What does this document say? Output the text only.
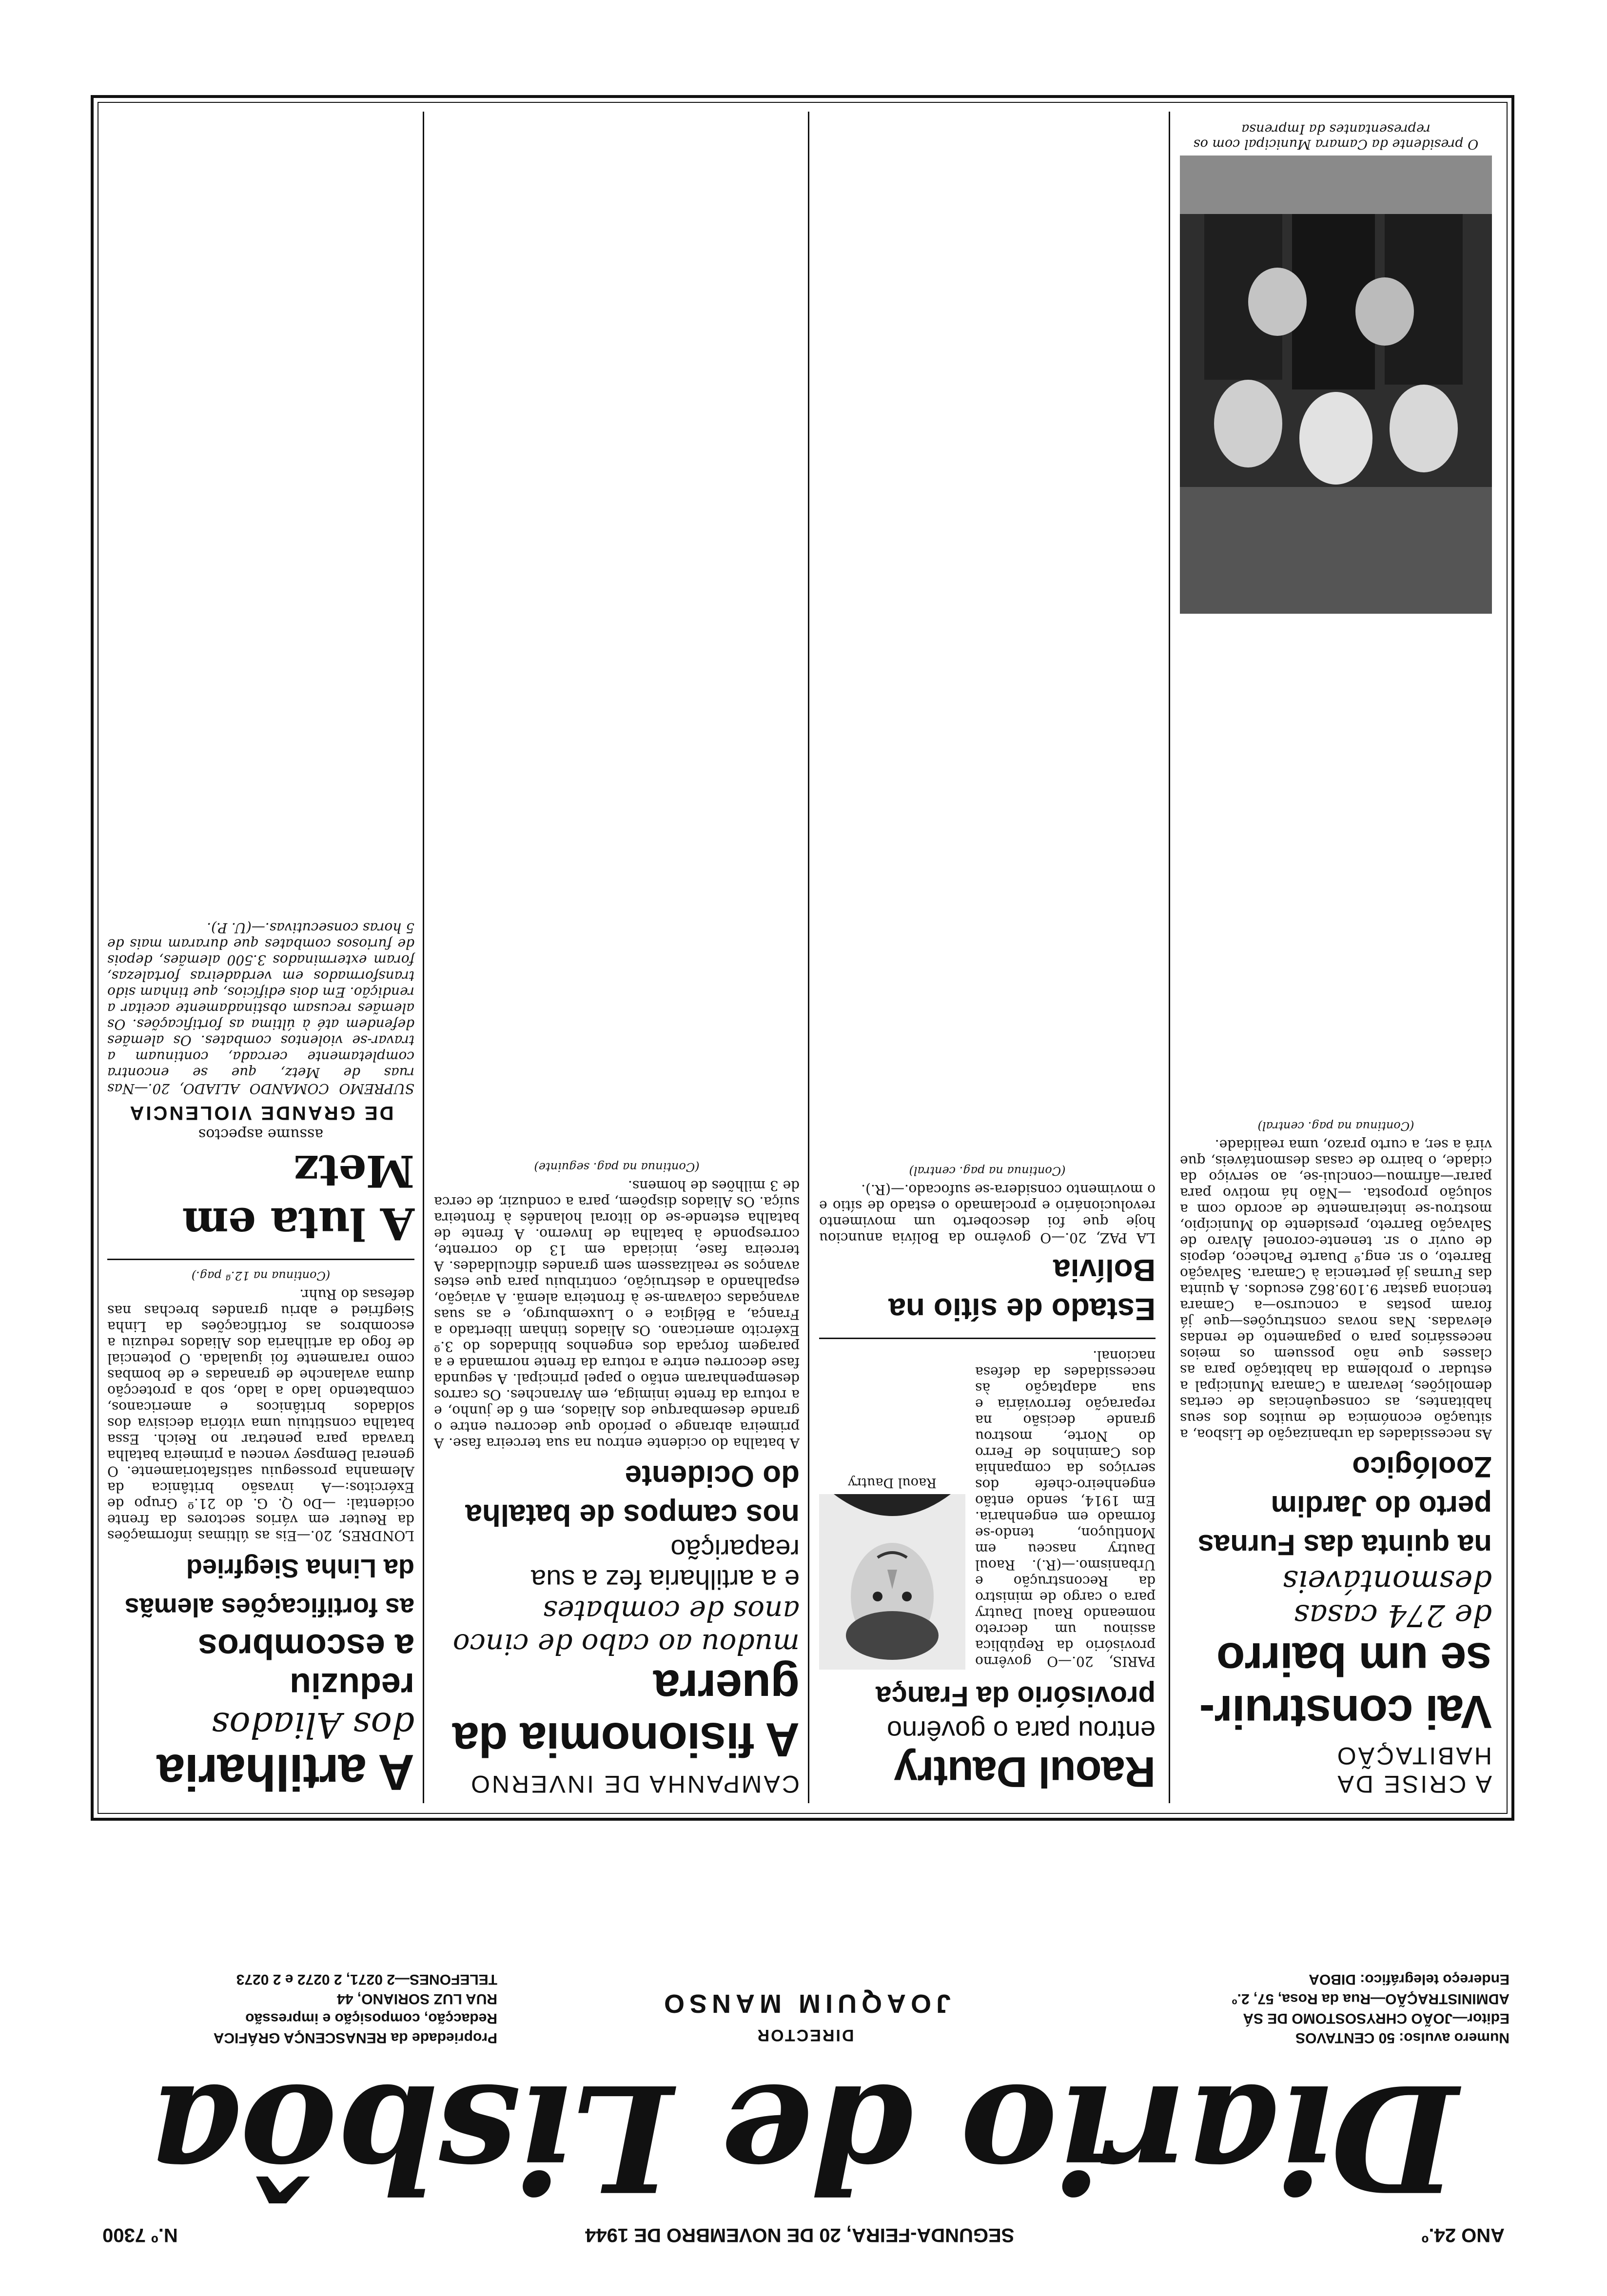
ANO 24.º
SEGUNDA-FEIRA, 20 DE NOVEMBRO DE 1944
N.º 7300
Diario de Lisbôa

Numero avulso: 50 CENTAVOS

Editor—JOÃO CHRYSOSTOMO DE SÁ

ADMINISTRAÇÃO—Rua da Rosa, 57, 2.º

Endereço telegráfico: DIBOA

DIRECTOR
JOAQUIM MANSO

Propriedade da RENASCENÇA GRÁFICA

Redacção, composição e impressão

RUA LUZ SORIANO, 44

TELEFONES—2 0271, 2 0272 e 2 0273

A CRISE DA HABITAÇÃO

Vai construir-se um bairro

de 274 casas desmontáveis

na quinta das Furnas

perto do Jardim Zoológico

As necessidades da urbanização de Lisboa, a situação económica de muitos dos seus habitantes, as consequências de certas demolições, levaram a Camara Municipal a estudar o problema da habitação para as classes que não possuem os meios necessários para o pagamento de rendas elevadas. Nas novas construções—que já foram postas a concurso—a Camara tenciona gastar 9.109.862 escudos. A quinta das Furnas já pertencia à Camara. Salvação Barreto, o sr. eng.º Duarte Pacheco, depois de ouvir o sr. tenente-coronel Álvaro de Salvação Barreto, presidente do Município, mostrou-se inteiramente de acordo com a solução proposta. —Não há motivo para parar—afirmou—conclui-se, ao serviço da cidade, o bairro de casas desmontáveis, que virá a ser, a curto prazo, uma realidade.

(Continua na pag. central)

Raoul Dautry

entrou para o govêrno

provisório da França

PARIS, 20.—O govêrno provisório da República assinou um decreto nomeando Raoul Dautry para o cargo de ministro da Reconstrução e Urbanismo.—(R.). Raoul Dautry nasceu em Montluçon, tendo-se formado em engenharia. Em 1914, sendo então engenheiro-chefe dos serviços da companhia dos Caminhos de Ferro do Norte, mostrou grande decisão na reparação ferroviária e sua adaptação às necessidades da defesa nacional.

Raoul Dautry

Estado de sítio na Bolívia

LA PAZ, 20.—O govêrno da Bolívia anunciou hoje que foi descoberto um movimento revolucionário e proclamado o estado de sítio e o movimento considera-se sufocado.—(R.).

(Continua na pag. central)

CAMPANHA DE INVERNO

A fisionomia da guerra

mudou ao cabo de cinco anos de combates

e a artilharia fez a sua reaparição

nos campos de batalha do Ocidente

A batalha do ocidente entrou na sua terceira fase. A primeira abrange o período que decorreu entre o grande desembarque dos Aliados, em 6 de junho, e a rotura da frente inimiga, em Avranches. Os carros desempenharam então o papel principal. A segunda fase decorreu entre a rotura da frente normanda e a paragem forçada dos engenhos blindados do 3.º Exército americano. Os Aliados tinham libertado a França, a Bélgica e o Luxemburgo, e as suas avançadas colavam-se à fronteira alemã. A aviação, espalhando a destruição, contribuiu para que estes avanços se realizassem sem grandes dificuldades. A terceira fase, iniciada em 13 do corrente, corresponde à batalha de Inverno. A frente de batalha estende-se do litoral holandês à fronteira suíça. Os Aliados dispõem, para a conduzir, de cerca de 3 milhões de homens.

(Continua na pag. seguinte)

A artilharia

dos Aliados

reduziu

a escombros

as fortificações alemãs

da Linha Siegfried

LONDRES, 20.—Eis as últimas informações da Reuter em vários sectores da frente ocidental: —Do Q. G. do 21.º Grupo de Exércitos:—A invasão britânica da Alemanha prosseguiu satisfatoriamente. O general Dempsey venceu a primeira batalha travada para penetrar no Reich. Essa batalha constituiu uma vitória decisiva dos soldados britânicos e americanos, combatendo lado a lado, sob a protecção duma avalanche de granadas e de bombas como raramente foi igualada. O potencial de fogo da artilharia dos Aliados reduziu a escombros as fortificações da Linha Siegfried e abriu grandes brechas nas defesas do Ruhr.

(Continua na 12.ª pag.)

A luta em Metz

assume aspectos

DE GRANDE VIOLENCIA

SUPREMO COMANDO ALIADO, 20.—Nas ruas de Metz, que se encontra completamente cercada, continuam a travar-se violentos combates. Os alemães defendem até à última as fortificações. Os alemães recusam obstinadamente aceitar a rendição. Em dois edifícios, que tinham sido transformados em verdadeiras fortalezas, foram exterminados 3.500 alemães, depois de furiosos combates que duraram mais de 5 horas consecutivas.—(U. P.).

O presidente da Camara Municipal com os representantes da Imprensa
